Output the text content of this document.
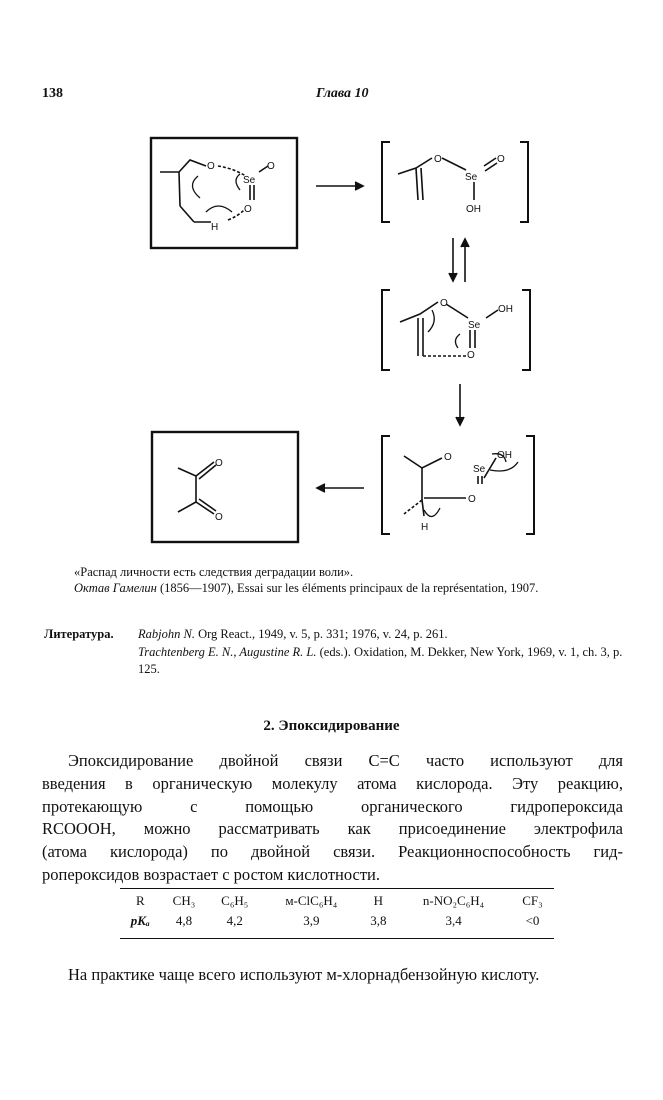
138	Глава 10
O
Se
O
O
H
O
Se
O
OH
O
Se
OH
O
O
Se
OH
O
H
O
O
«Распад личности есть следствия деградации воли».
Октав Гамелин (1856—1907), Essai sur les éléments principaux de la représentation, 1907.
Литература. Rabjohn N. Org React., 1949, v. 5, p. 331; 1976, v. 24, p. 261.
Trachtenberg E. N., Augustine R. L. (eds.). Oxidation, M. Dekker, New York, 1969, v. 1, ch. 3, p. 125.
2. Эпоксидирование
Эпоксидирование двойной связи C=C часто используют для
введения в органическую молекулу атома кислорода. Эту реакцию,
протекающую с помощью органического гидропероксида
RCOOOH, можно рассматривать как присоединение электрофила
(атома кислорода) по двойной связи. Реакционноспособность гид-
ропероксидов возрастает с ростом кислотности.
R	CH₃	C₆H₅	м-ClC₆H₄	H	n-NO₂C₆H₄	CF₃
pKₐ	4,8	4,2	3,9	3,8	3,4	<0
На практике чаще всего используют м-хлорнадбензойную кислоту.
